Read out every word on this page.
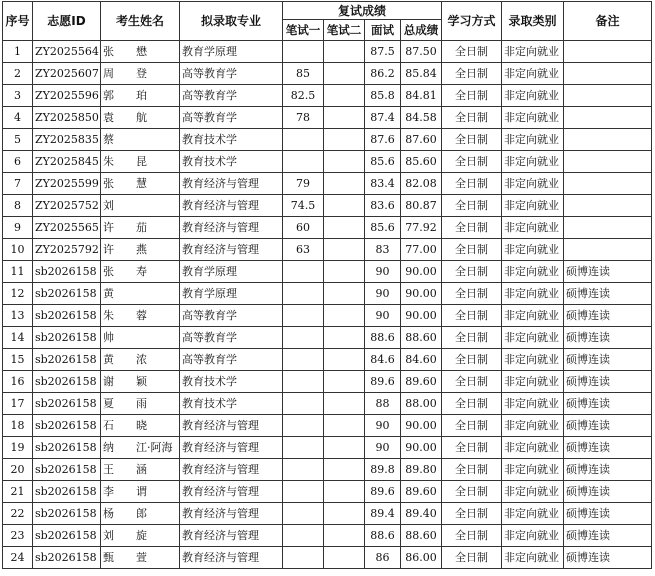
序号	志愿ID	考生姓名	拟录取专业	复试成绩				学习方式	录取类别	备注
				笔试一	笔试二	面试	总成绩			
1	ZY2025564	张　　懋	教育学原理			87.5	87.50	全日制	非定向就业	
2	ZY2025607	周　　登	高等教育学	85		86.2	85.84	全日制	非定向就业	
3	ZY2025596	郭　　珀	高等教育学	82.5		85.8	84.81	全日制	非定向就业	
4	ZY2025850	袁　　航	高等教育学	78		87.4	84.58	全日制	非定向就业	
5	ZY2025835	蔡	教育技术学			87.6	87.60	全日制	非定向就业	
6	ZY2025845	朱　　昆	教育技术学			85.6	85.60	全日制	非定向就业	
7	ZY2025599	张　　慧	教育经济与管理	79		83.4	82.08	全日制	非定向就业	
8	ZY2025752	刘	教育经济与管理	74.5		83.6	80.87	全日制	非定向就业	
9	ZY2025565	许　　茄	教育经济与管理	60		85.6	77.92	全日制	非定向就业	
10	ZY2025792	许　　燕	教育经济与管理	63		83	77.00	全日制	非定向就业	
11	sb2026158	张　　寿	教育学原理			90	90.00	全日制	非定向就业	硕博连读
12	sb2026158	黄	教育学原理			90	90.00	全日制	非定向就业	硕博连读
13	sb2026158	朱　　蓉	高等教育学			90	90.00	全日制	非定向就业	硕博连读
14	sb2026158	帅	高等教育学			88.6	88.60	全日制	非定向就业	硕博连读
15	sb2026158	黄　　浓	高等教育学			84.6	84.60	全日制	非定向就业	硕博连读
16	sb2026158	谢　　颖	教育技术学			89.6	89.60	全日制	非定向就业	硕博连读
17	sb2026158	夏　　雨	教育技术学			88	88.00	全日制	非定向就业	硕博连读
18	sb2026158	石　　晓	教育经济与管理			90	90.00	全日制	非定向就业	硕博连读
19	sb2026158	纳　　江·阿海	教育经济与管理			90	90.00	全日制	非定向就业	硕博连读
20	sb2026158	王　　涵	教育经济与管理			89.8	89.80	全日制	非定向就业	硕博连读
21	sb2026158	李　　谓	教育经济与管理			89.6	89.60	全日制	非定向就业	硕博连读
22	sb2026158	杨　　郎	教育经济与管理			89.4	89.40	全日制	非定向就业	硕博连读
23	sb2026158	刘　　旋	教育经济与管理			88.6	88.60	全日制	非定向就业	硕博连读
24	sb2026158	甄　　萱	教育经济与管理			86	86.00	全日制	非定向就业	硕博连读
